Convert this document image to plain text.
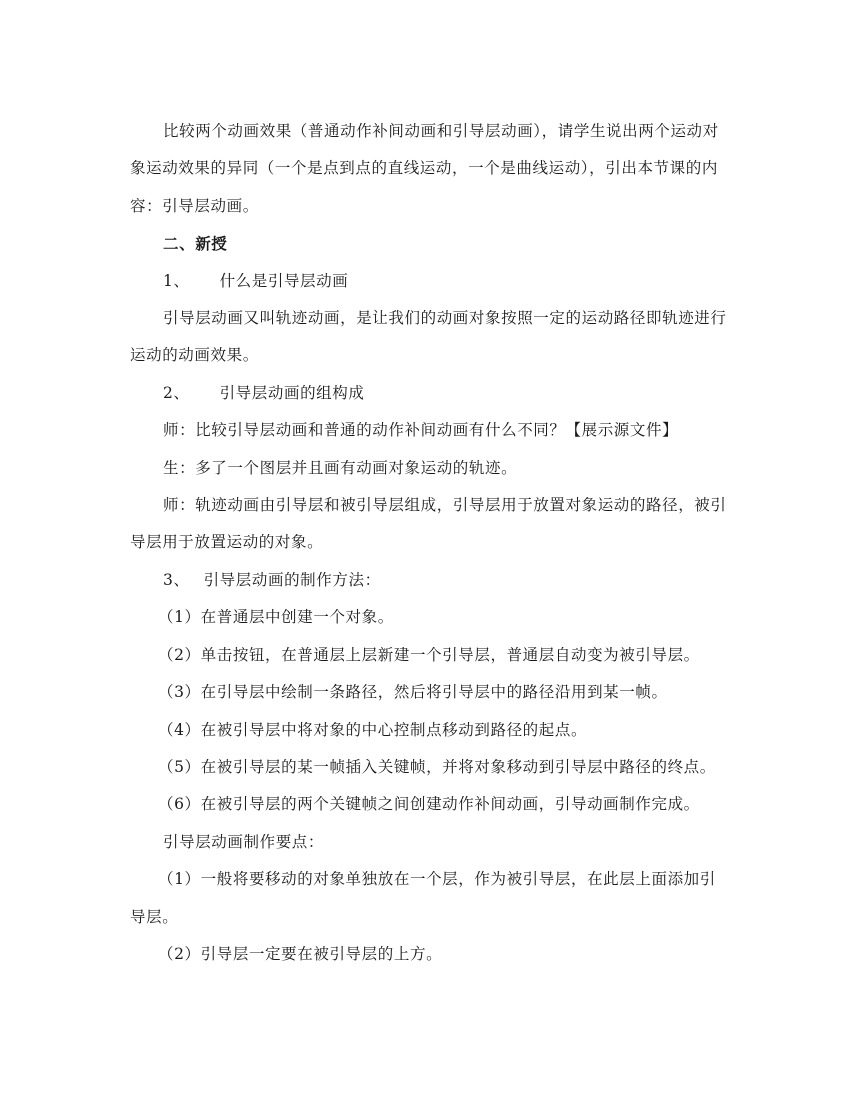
比较两个动画效果（普通动作补间动画和引导层动画），请学生说出两个运动对
象运动效果的异同（一个是点到点的直线运动，一个是曲线运动），引出本节课的内
容：引导层动画。
二、新授
1、 什么是引导层动画
引导层动画又叫轨迹动画，是让我们的动画对象按照一定的运动路径即轨迹进行
运动的动画效果。
2、 引导层动画的组构成
师：比较引导层动画和普通的动作补间动画有什么不同？【展示源文件】
生：多了一个图层并且画有动画对象运动的轨迹。
师：轨迹动画由引导层和被引导层组成，引导层用于放置对象运动的路径，被引
导层用于放置运动的对象。
3、 引导层动画的制作方法：
（1）在普通层中创建一个对象。
（2）单击按钮，在普通层上层新建一个引导层，普通层自动变为被引导层。
（3）在引导层中绘制一条路径，然后将引导层中的路径沿用到某一帧。
（4）在被引导层中将对象的中心控制点移动到路径的起点。
（5）在被引导层的某一帧插入关键帧，并将对象移动到引导层中路径的终点。
（6）在被引导层的两个关键帧之间创建动作补间动画，引导动画制作完成。
引导层动画制作要点：
（1）一般将要移动的对象单独放在一个层，作为被引导层，在此层上面添加引
导层。
（2）引导层一定要在被引导层的上方。
